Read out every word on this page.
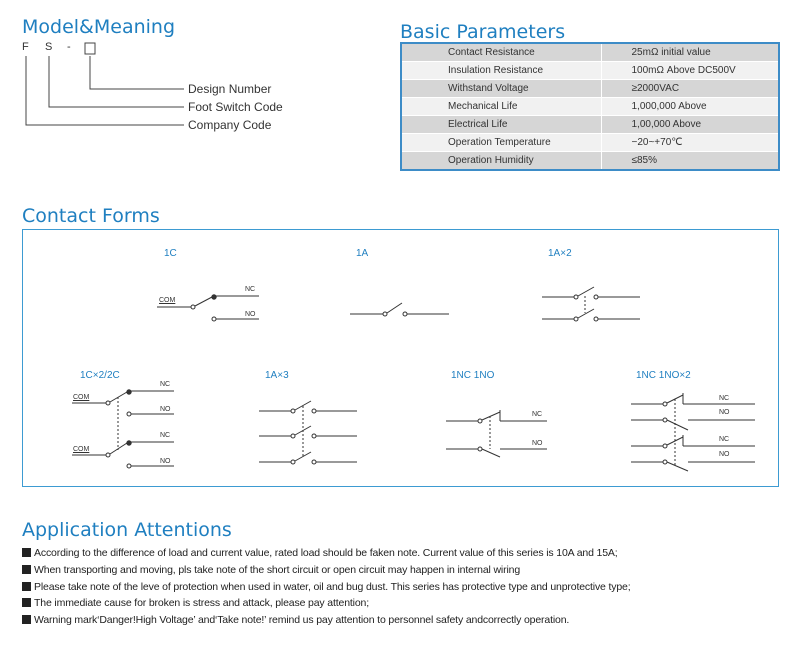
Model&Meaning
F S -
Design Number
Foot Switch Code
Company Code
Basic Parameters
Contact Resistance	25mΩ initial value
Insulation Resistance	100mΩ Above DC500V
Withstand Voltage	≥2000VAC
Mechanical Life	1,000,000 Above
Electrical Life	1,00,000 Above
Operation Temperature	−20~+70℃
Operation Humidity	≤85%
Contact Forms
1C	1A	1A×2
1C×2/2C	1A×3	1NC 1NO	1NC 1NO×2
COM
NC
NO
COM
NC
NO
COM
NC
NO
NC
NO
NC
NO
NC
NO
Application Attentions
According to the difference of load and current value, rated load should be faken note. Current value of this series is 10A and 15A;
When transporting and moving, pls take note of the short circuit or open circuit may happen in internal wiring
Please take note of the leve of protection when used in water, oil and bug dust. This series has protective type and unprotective type;
The immediate cause for broken is stress and attack, please pay attention;
Warning mark‘Danger!High Voltage’ and‘Take note!’ remind us pay attention to personnel safety andcorrectly operation.
